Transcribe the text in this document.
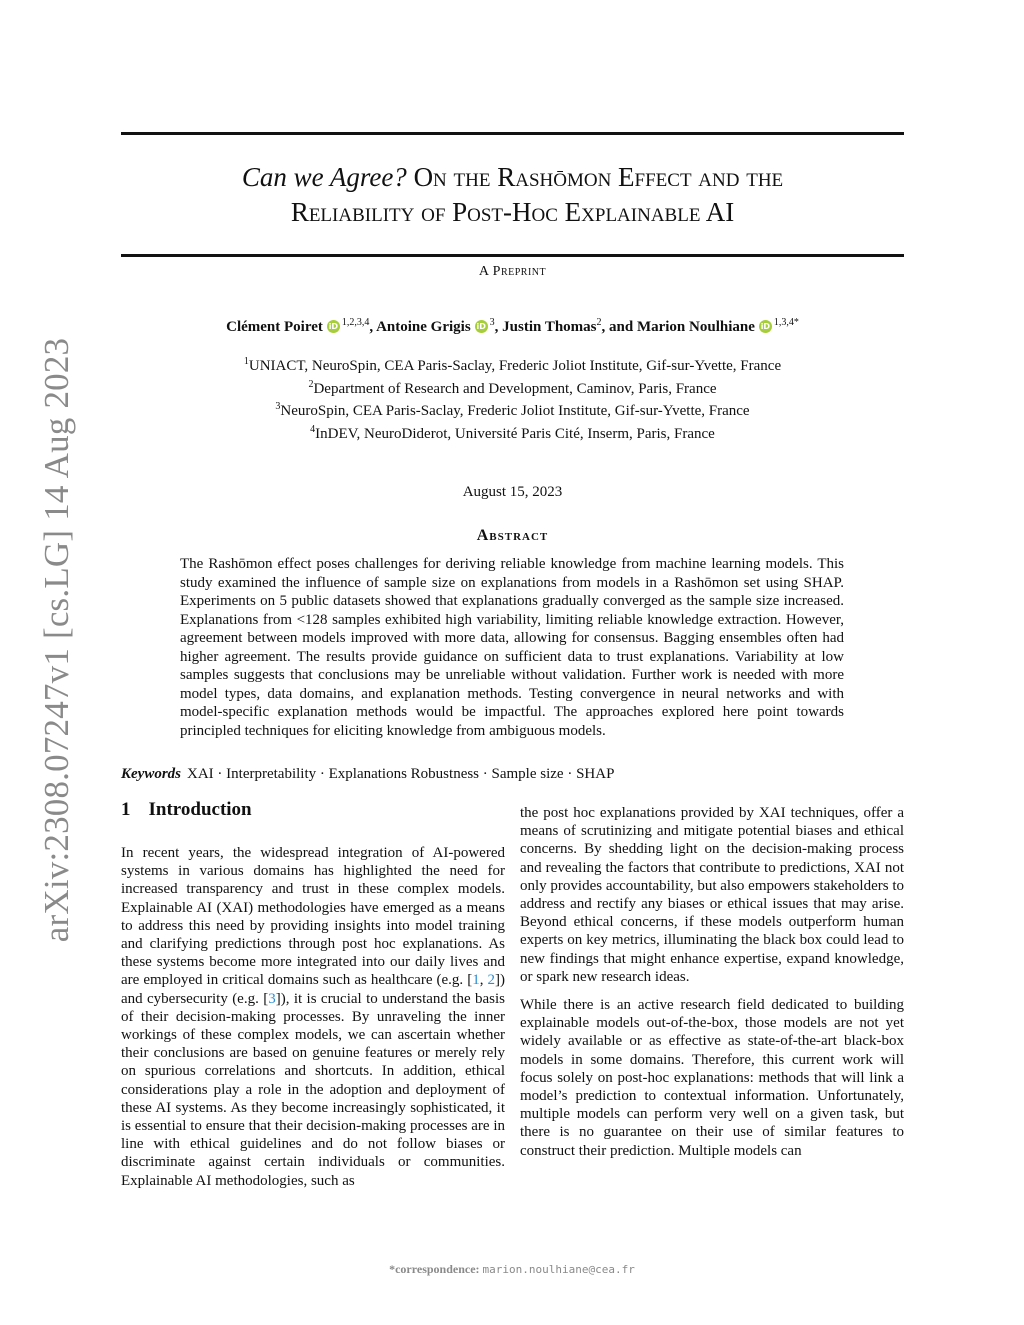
arXiv:2308.07247v1 [cs.LG] 14 Aug 2023
Can we Agree? On the Rashōmon Effect and the
Reliability of Post-Hoc Explainable AI
A Preprint
Clément Poiret iD $^{1,2,3,4}$, Antoine Grigis iD $^3$, Justin Thomas$^2$, and Marion Noulhiane iD $^{1,3,4*}$
$^1$UNIACT, NeuroSpin, CEA Paris-Saclay, Frederic Joliot Institute, Gif-sur-Yvette, France
$^2$Department of Research and Development, Caminov, Paris, France
$^3$NeuroSpin, CEA Paris-Saclay, Frederic Joliot Institute, Gif-sur-Yvette, France
$^4$InDEV, NeuroDiderot, Université Paris Cité, Inserm, Paris, France
August 15, 2023
Abstract
The Rashōmon effect poses challenges for deriving reliable knowledge from machine learning models. This study examined the influence of sample size on explanations from models in a Rashōmon set using SHAP. Experiments on 5 public datasets showed that explanations gradually converged as the sample size increased. Explanations from <128 samples exhibited high variability, limiting reliable knowledge extraction. However, agreement between models improved with more data, allowing for consensus. Bagging ensembles often had higher agreement. The results provide guidance on sufficient data to trust explanations. Variability at low samples suggests that conclusions may be unreliable without validation. Further work is needed with more model types, data domains, and explanation methods. Testing convergence in neural networks and with model-specific explanation methods would be impactful. The approaches explored here point towards principled techniques for eliciting knowledge from ambiguous models.
Keywords XAI · Interpretability · Explanations Robustness · Sample size · SHAP
1 Introduction
In recent years, the widespread integration of AI-powered systems in various domains has highlighted the need for increased transparency and trust in these complex models. Explainable AI (XAI) methodologies have emerged as a means to address this need by providing insights into model training and clarifying predictions through post hoc explanations. As these systems become more integrated into our daily lives and are employed in critical domains such as healthcare (e.g. [1, 2]) and cybersecurity (e.g. [3]), it is crucial to understand the basis of their decision-making processes. By unraveling the inner workings of these complex models, we can ascertain whether their conclusions are based on genuine features or merely rely on spurious correlations and shortcuts. In addition, ethical considerations play a role in the adoption and deployment of these AI systems. As they become increasingly sophisticated, it is essential to ensure that their decision-making processes are in line with ethical guidelines and do not follow biases or discriminate against certain individuals or communities. Explainable AI methodologies, such as

the post hoc explanations provided by XAI techniques, offer a means of scrutinizing and mitigate potential biases and ethical concerns. By shedding light on the decision-making process and revealing the factors that contribute to predictions, XAI not only provides accountability, but also empowers stakeholders to address and rectify any biases or ethical issues that may arise. Beyond ethical concerns, if these models outperform human experts on key metrics, illuminating the black box could lead to new findings that might enhance expertise, expand knowledge, or spark new research ideas.

While there is an active research field dedicated to building explainable models out-of-the-box, those models are not yet widely available or as effective as state-of-the-art black-box models in some domains. Therefore, this current work will focus solely on post-hoc explanations: methods that will link a model’s prediction to contextual information. Unfortunately, multiple models can perform very well on a given task, but there is no guarantee on their use of similar features to construct their prediction. Multiple models can

*correspondence: marion.noulhiane@cea.fr
